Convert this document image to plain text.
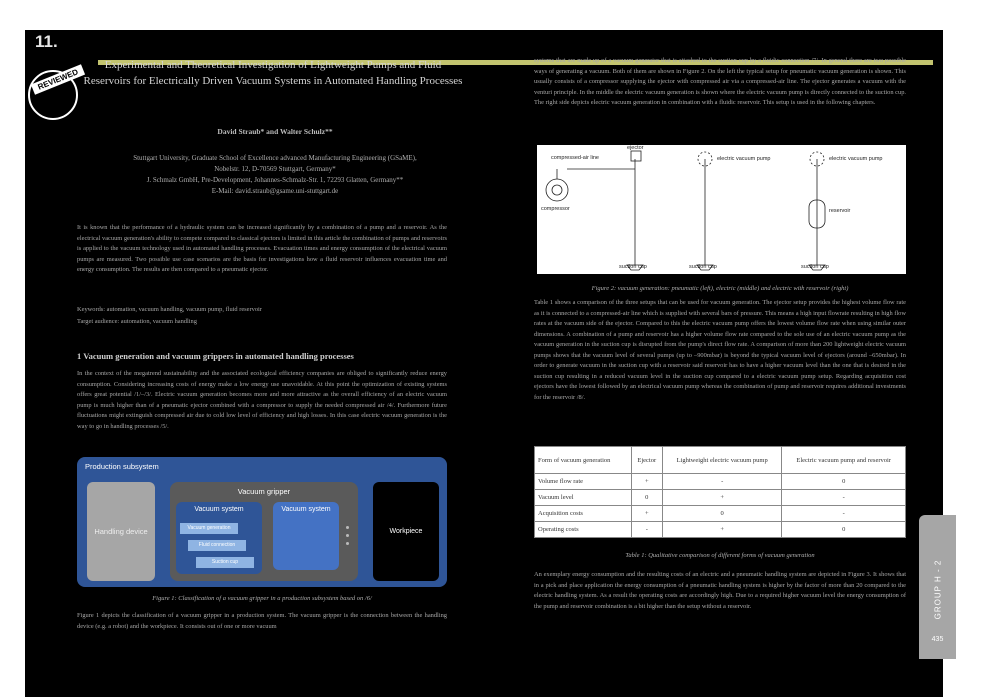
11.
REVIEWED
Experimental and Theoretical Investigation of Lightweight Pumps and Fluid Reservoirs for Electrically Driven Vacuum Systems in Automated Handling Processes
David Straub* and Walter Schulz**
Stuttgart University, Graduate School of Excellence advanced Manufacturing Engineering (GSaME),
Nobelstr. 12, D-70569 Stuttgart, Germany*
J. Schmalz GmbH, Pre-Development, Johannes-Schmalz-Str. 1, 72293 Glatten, Germany**
E-Mail: david.straub@gsame.uni-stuttgart.de

It is known that the performance of a hydraulic system can be increased significantly by a combination of a pump and a reservoir. As the electrical vacuum generation's ability to compete compared to classical ejectors is limited in this article the combination of pumps and reservoirs is applied to the vacuum technology used in automated handling processes. Evacuation times and energy consumption of the electrical vacuum pumps are measured. Two possible use case scenarios are the basis for investigations how a fluid reservoir influences evacuation time and energy consumption. The results are then compared to a pneumatic ejector.

Keywords: automation, vacuum handling, vacuum pump, fluid reservoir

Target audience: automation, vacuum handling

1 Vacuum generation and vacuum grippers in automated handling processes

In the context of the megatrend sustainability and the associated ecological efficiency companies are obliged to significantly reduce energy consumption. Considering increasing costs of energy make a low energy use unavoidable. At this point the optimization of existing systems offers great potential /1/–/3/. Electric vacuum generation becomes more and more attractive as the overall efficiency of an electric vacuum pump is much higher than of a pneumatic ejector combined with a compressor to supply the needed compressed air /4/. Furthermore future fluctuations might extinguish compressed air due to cold low level of efficiency and high losses. In this case electric vacuum generation is the way to go in handling processes /5/.

Production subsystem
Handling device
Vacuum gripper
Vacuum system
Vacuum generation
Fluid connection
Suction cup
Vacuum system
Workpiece
Figure 1: Classification of a vacuum gripper in a production subsystem based on /6/

Figure 1 depicts the classification of a vacuum gripper in a production system. The vacuum gripper is the connection between the handling device (e.g. a robot) and the workpiece. It consists out of one or more vacuum

systems that are made up of a vacuum generator that is attached to the suction cup by a fluidic connection /7/. In general there are two possible ways of generating a vacuum. Both of them are shown in Figure 2. On the left the typical setup for pneumatic vacuum generation is shown. This usually consists of a compressor supplying the ejector with compressed air via a compressed-air line. The ejector generates a vacuum with the venturi principle. In the middle the electric vacuum generation is shown where the electric vacuum pump is directly connected to the suction cup. The right side depicts electric vacuum generation in combination with a fluidic reservoir. This setup is used in the following chapters.

compressed-air line
ejector
compressor
electric vacuum pump	electric vacuum pump
reservoir
suction cup	suction cup	suction cup
Figure 2: vacuum generation: pneumatic (left), electric (middle) and electric with reservoir (right)

Table 1 shows a comparison of the three setups that can be used for vacuum generation. The ejector setup provides the highest volume flow rate as it is connected to a compressed-air line which is supplied with several bars of pressure. This means a high input flowrate resulting in high flow rates at the vacuum side of the ejector. Compared to this the electric vacuum pump offers the lowest volume flow rate when using similar outer dimensions. A combination of a pump and reservoir has a higher volume flow rate compared to the sole use of an electric vacuum pump as the vacuum generation in the suction cup is disrupted from the pump's direct flow rate. A comparison of more than 200 lightweight electric vacuum pumps shows that the vacuum level of several pumps (up to –900mbar) is beyond the typical vacuum level of ejectors (around –650mbar). In order to generate vacuum in the suction cup with a reservoir said reservoir has to have a higher vacuum level than the one that is desired in the suction cup resulting in a reduced vacuum level in the suction cup compared to a electric vacuum pump setup. Regarding acquisition cost ejectors have the lowest followed by an electrical vacuum pump whereas the combination of pump and reservoir requires additional investments for the reservoir /8/.

Form of vacuum generation	Ejector	Lightweight electric vacuum pump	Electric vacuum pump and reservoir
Volume flow rate	+	-	0
Vacuum level	0	+	-
Acquisition costs	+	0	-
Operating costs	-	+	0
Table 1: Qualitative comparison of different forms of vacuum generation

An exemplary energy consumption and the resulting costs of an electric and a pneumatic handling system are depicted in Figure 3. It shows that in a pick and place application the energy consumption of a pneumatic handling system is higher by the factor of more than 20 compared to the electric handling system. As a result the operating costs are accordingly high. Due to a required higher vacuum level the energy consumption of the pump and reservoir combination is a bit higher than the setup without a reservoir.	GROUP H - 2
435
